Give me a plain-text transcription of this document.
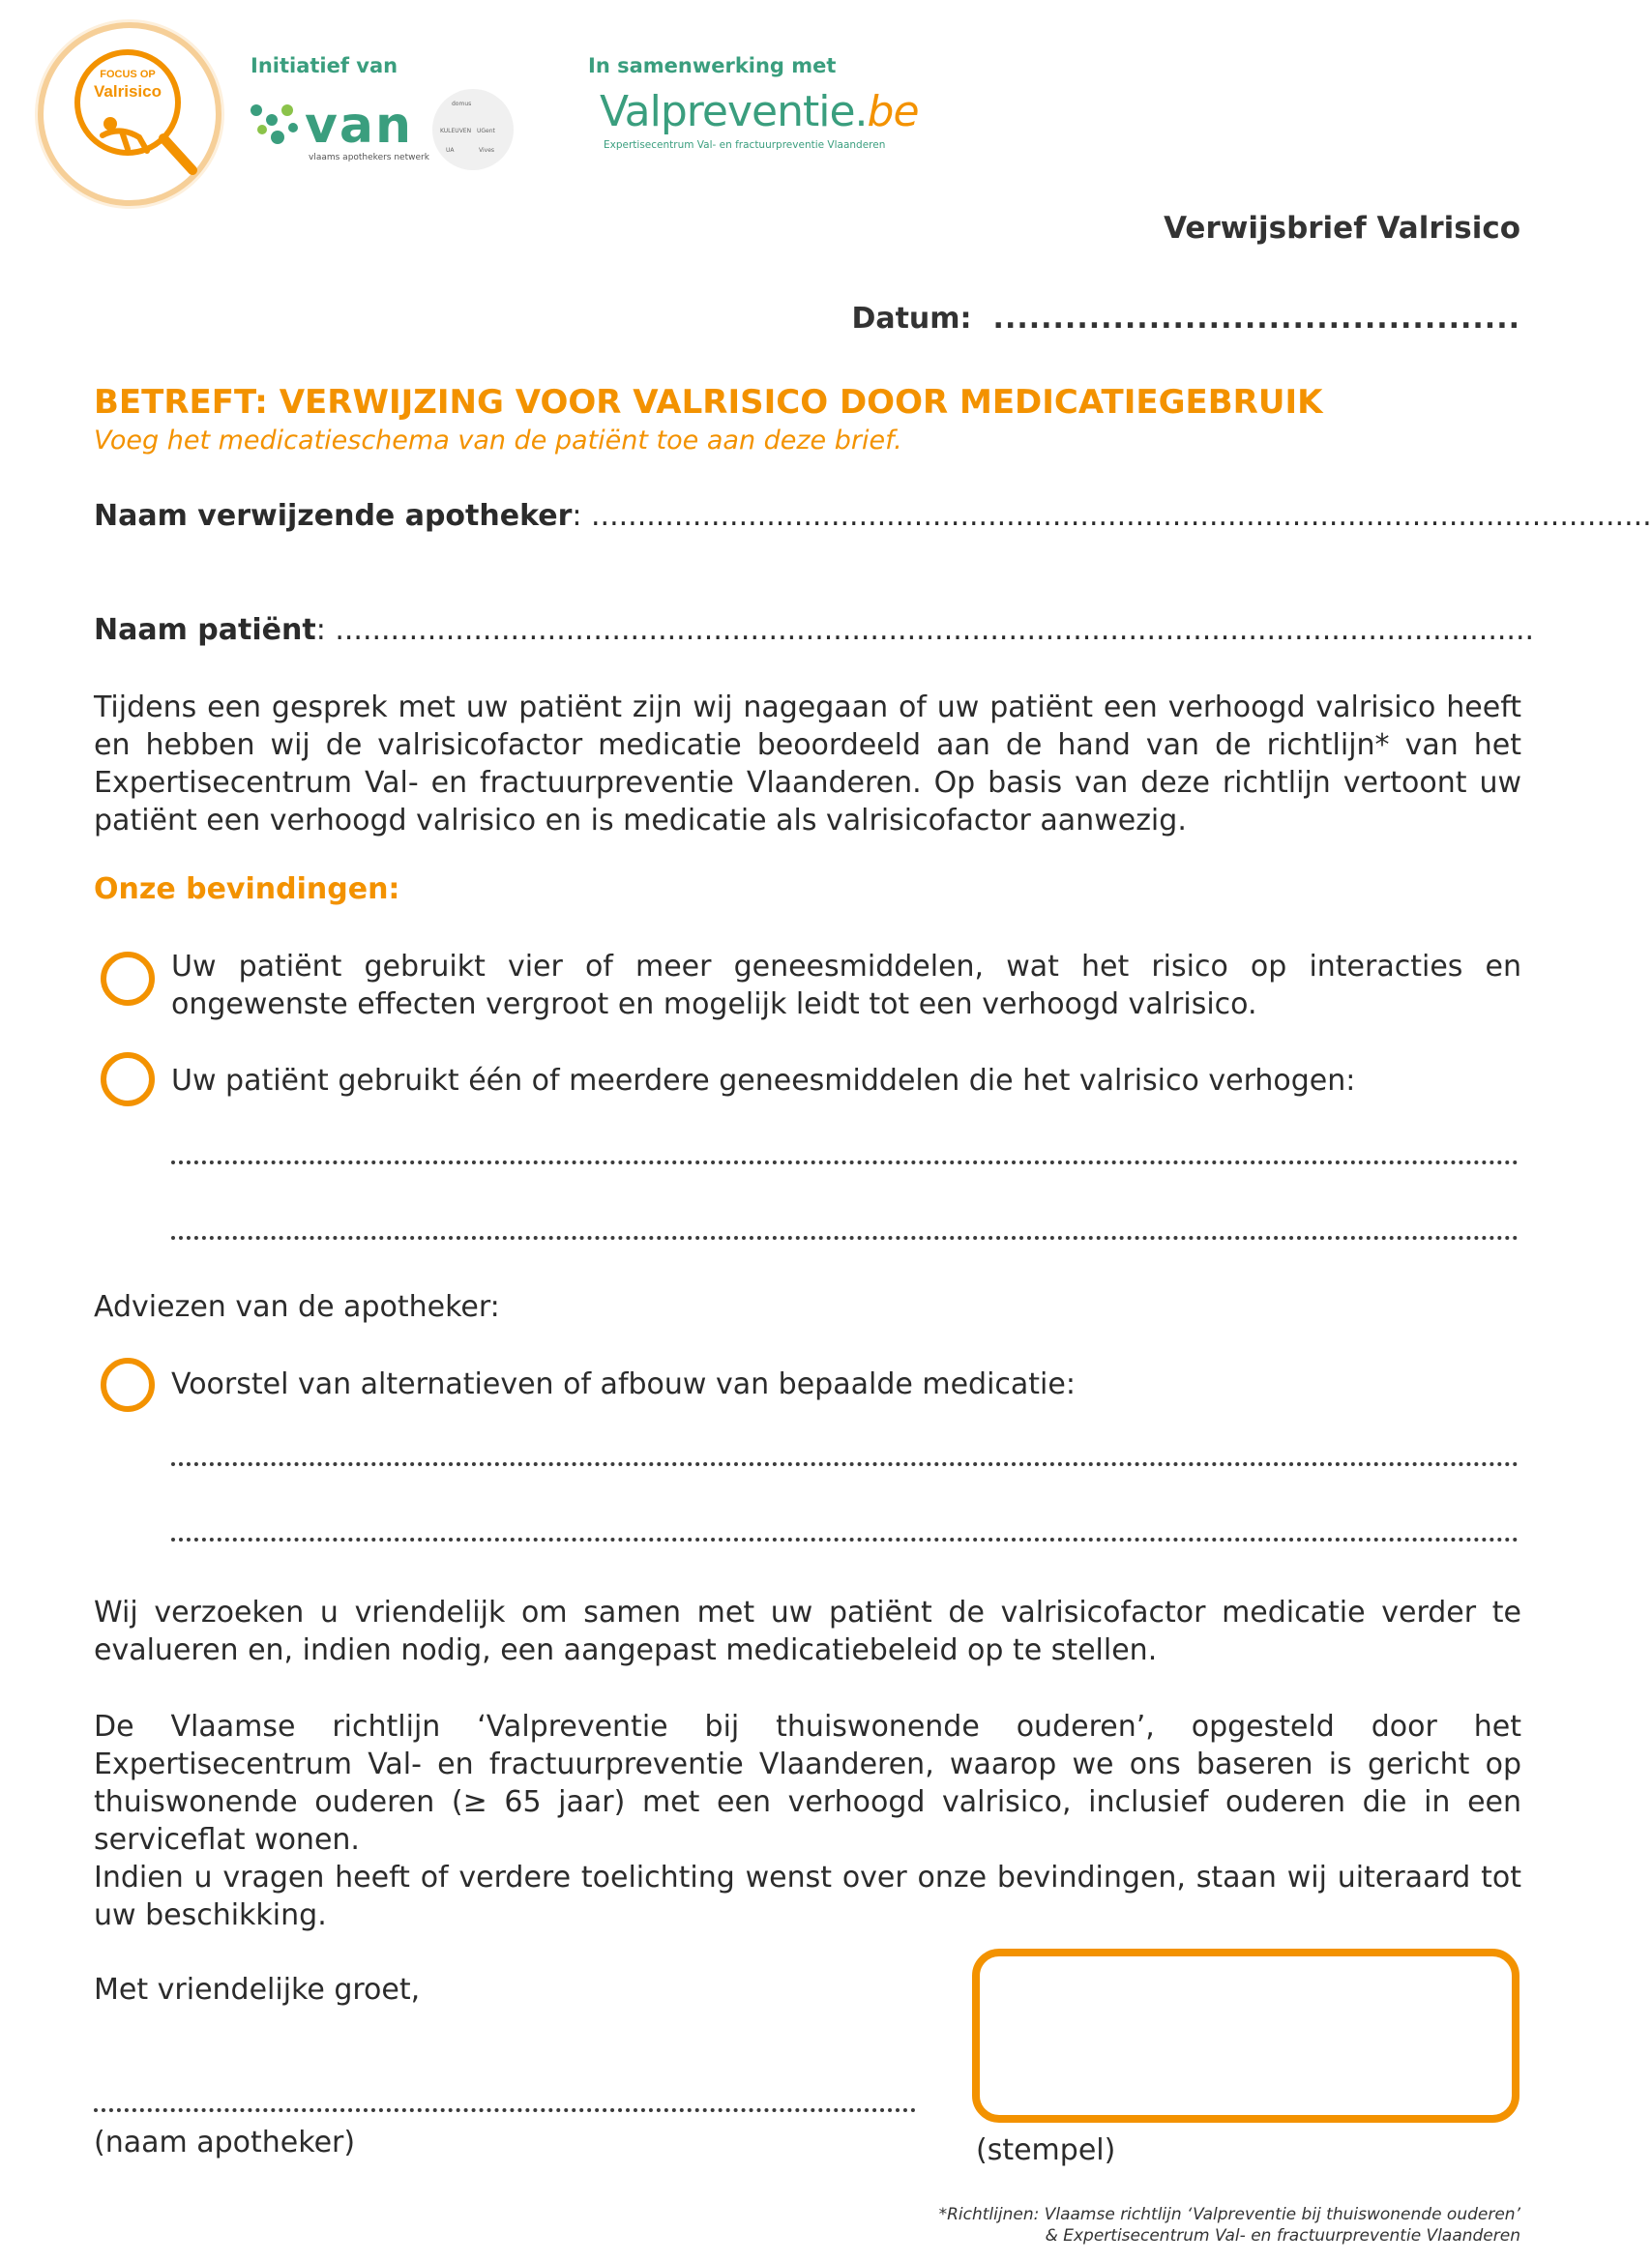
FOCUS OP
Valrisico
Initiatief van
van
vlaams apothekers netwerk
domus
KULEUVEN UGent
UA	Vives
In samenwerking met
Valpreventie.be
Expertisecentrum Val- en fractuurpreventie Vlaanderen
Verwijsbrief Valrisico
Datum: ............................................
BETREFT: VERWIJZING VOOR VALRISICO DOOR MEDICATIEGEBRUIK
Voeg het medicatieschema van de patiënt toe aan deze brief.
Naam verwijzende apotheker: ...................................................................................................................
Naam patiënt: ..................................................................................................................................
Tijdens een gesprek met uw patiënt zijn wij nagegaan of uw patiënt een verhoogd valrisico heeft en hebben wij de valrisicofactor medicatie beoordeeld aan de hand van de richtlijn* van het Expertisecentrum Val- en fractuurpreventie Vlaanderen. Op basis van deze richtlijn vertoont uw patiënt een verhoogd valrisico en is medicatie als valrisicofactor aanwezig.
Onze bevindingen:
Uw patiënt gebruikt vier of meer geneesmiddelen, wat het risico op interacties en ongewenste effecten vergroot en mogelijk leidt tot een verhoogd valrisico.
Uw patiënt gebruikt één of meerdere geneesmiddelen die het valrisico verhogen:
Adviezen van de apotheker:
Voorstel van alternatieven of afbouw van bepaalde medicatie:
Wij verzoeken u vriendelijk om samen met uw patiënt de valrisicofactor medicatie verder te evalueren en, indien nodig, een aangepast medicatiebeleid op te stellen.
De Vlaamse richtlijn ‘Valpreventie bij thuiswonende ouderen’, opgesteld door het Expertisecentrum Val- en fractuurpreventie Vlaanderen, waarop we ons baseren is gericht op thuiswonende ouderen (≥ 65 jaar) met een verhoogd valrisico, inclusief ouderen die in een serviceflat wonen.
Indien u vragen heeft of verdere toelichting wenst over onze bevindingen, staan wij uiteraard tot uw beschikking.
Met vriendelijke groet,
(naam apotheker)	(stempel)
*Richtlijnen: Vlaamse richtlijn ‘Valpreventie bij thuiswonende ouderen’
& Expertisecentrum Val- en fractuurpreventie Vlaanderen
